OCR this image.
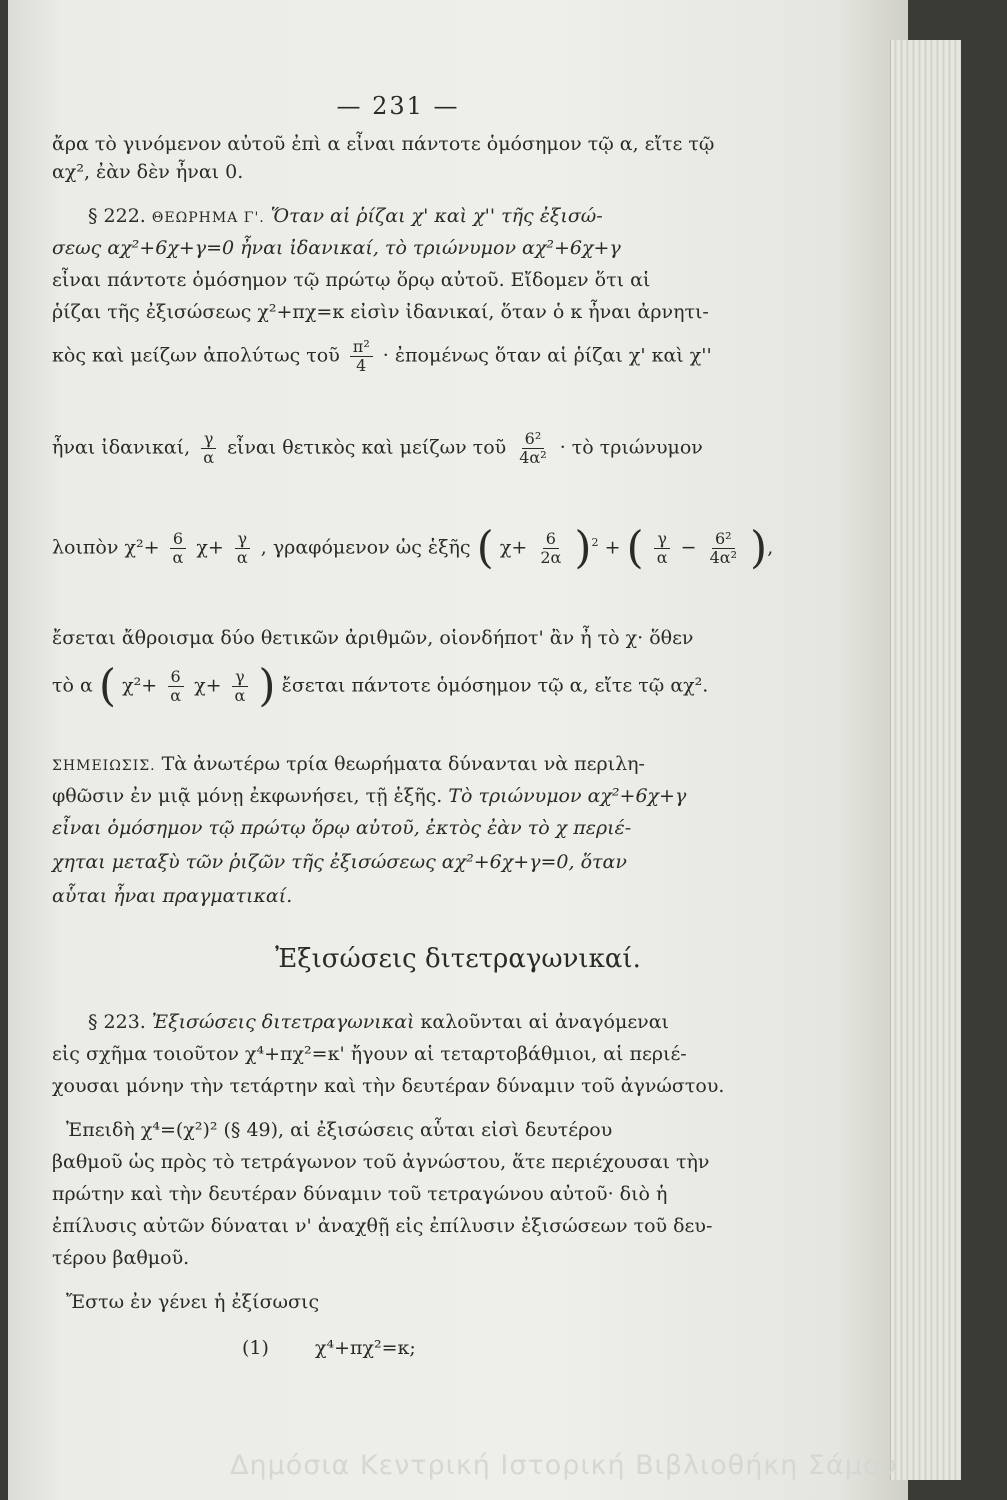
— 231 —
ἄρα τὸ γινόμενον αὐτοῦ ἐπὶ α εἶναι πάντοτε ὁμόσημον τῷ α, εἴτε τῷ
αχ², ἐὰν δὲν ἦναι 0.
§ 222. ΘΕΩΡΗΜΑ Γ'. Ὅταν αἱ ῥίζαι χ' καὶ χ'' τῆς ἐξισώ-
σεως αχ²+6χ+γ=0 ἦναι ἰδανικαί, τὸ τριώνυμον αχ²+6χ+γ
εἶναι πάντοτε ὁμόσημον τῷ πρώτῳ ὅρῳ αὐτοῦ. Εἴδομεν ὅτι αἱ
ῥίζαι τῆς ἐξισώσεως χ²+πχ=κ εἰσὶν ἰδανικαί, ὅταν ὁ κ ἦναι ἀρνητι-
κὸς καὶ μείζων ἀπολύτως τοῦ $\frac{\text{π²}}{4}$ · ἐπομένως ὅταν αἱ ῥίζαι χ' καὶ χ''
ἦναι ἰδανικαί, $\frac{\gamma}{\alpha}$ εἶναι θετικὸς καὶ μείζων τοῦ $\frac{\text{6²}}{\text{4α²}}$ · τὸ τριώνυμον
λοιπὸν $\chi^2+ \frac{6}{\alpha} \chi+ \frac{\gamma}{\alpha}$ , γραφόμενον ὡς ἑξῆς ( $\chi+ \frac{6}{2\alpha} )^2$ + ( $\frac{\gamma}{\alpha} - \frac{\text{6²}}{\text{4α²}}$ ),
ἔσεται ἄθροισμα δύο θετικῶν ἀριθμῶν, οἱονδήποτ' ἂν ἦ τὸ χ· ὅθεν
τὸ α ( $\chi^2+ \frac{6}{\alpha} \chi+ \frac{\gamma}{\alpha}$ ) ἔσεται πάντοτε ὁμόσημον τῷ α, εἴτε τῷ αχ².
ΣΗΜΕΙΩΣΙΣ. Τὰ ἀνωτέρω τρία θεωρήματα δύνανται νὰ περιλη-
φθῶσιν ἐν μιᾷ μόνῃ ἐκφωνήσει, τῇ ἑξῆς. Τὸ τριώνυμον αχ²+6χ+γ
εἶναι ὁμόσημον τῷ πρώτῳ ὅρῳ αὐτοῦ, ἐκτὸς ἐὰν τὸ χ περιέ-
χηται μεταξὺ τῶν ῥιζῶν τῆς ἐξισώσεως αχ²+6χ+γ=0, ὅταν
αὗται ἦναι πραγματικαί.
Ἐξισώσεις διτετραγωνικαί.
§ 223. Ἐξισώσεις διτετραγωνικαὶ καλοῦνται αἱ ἀναγόμεναι
εἰς σχῆμα τοιοῦτον χ⁴+πχ²=κ' ἤγουν αἱ τεταρτοβάθμιοι, αἱ περιέ-
χουσαι μόνην τὴν τετάρτην καὶ τὴν δευτέραν δύναμιν τοῦ ἀγνώστου.
Ἐπειδὴ χ⁴=(χ²)² (§ 49), αἱ ἐξισώσεις αὗται εἰσὶ δευτέρου
βαθμοῦ ὡς πρὸς τὸ τετράγωνον τοῦ ἀγνώστου, ἅτε περιέχουσαι τὴν
πρώτην καὶ τὴν δευτέραν δύναμιν τοῦ τετραγώνου αὐτοῦ· διὸ ἡ
ἐπίλυσις αὐτῶν δύναται ν' ἀναχθῇ εἰς ἐπίλυσιν ἐξισώσεων τοῦ δευ-
τέρου βαθμοῦ.
Ἔστω ἐν γένει ἡ ἐξίσωσις
(1) χ⁴+πχ²=κ;
Δημόσια Κεντρική Ιστορική Βιβλιοθήκη Σάμου
